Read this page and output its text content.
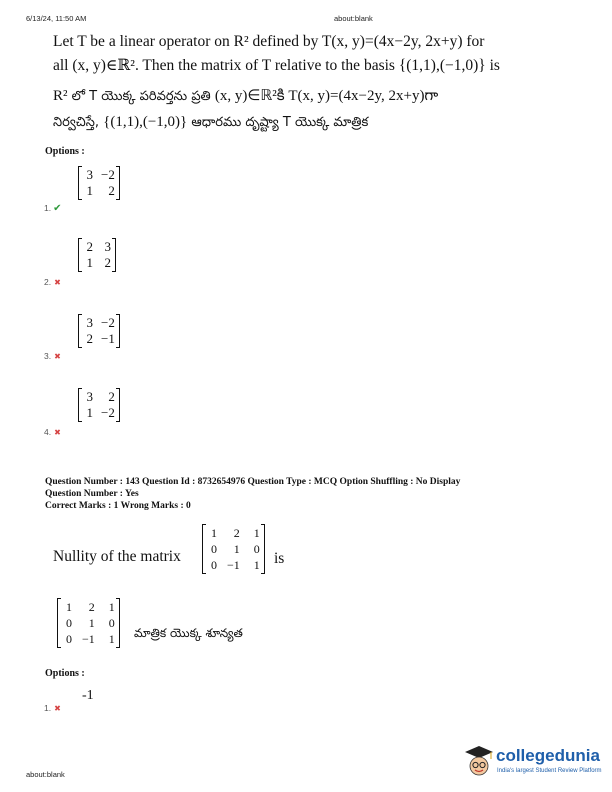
6/13/24, 11:50 AM	about:blank
Let T be a linear operator on R² defined by T(x, y)=(4x−2y, 2x+y) for
all (x, y)∈ℝ². Then the matrix of T relative to the basis {(1,1),(−1,0)} is
R² లో T యొక్క పరివర్తను ప్రతి (x, y)∈ℝ²కి T(x, y)=(4x−2y, 2x+y)గా
నిర్వచిస్తే, {(1,1),(−1,0)} ఆధారము దృష్ట్యా T యొక్క మాత్రిక
Options :
3 −2
1	2
1. ✔
2 3
1 2
2. ✖
3 −2
2 −1
3. ✖
3	2
1 −2
4. ✖
Question Number : 143 Question Id : 8732654976 Question Type : MCQ Option Shuffling : No Display
Question Number : Yes
Correct Marks : 1 Wrong Marks : 0
Nullity of the matrix
1	2	1
0	1	0
0 −1	1 is
1	2	1
0	1	0
0 −1	1 మాత్రిక యొక్క శూన్యత
Options :
-1
1. ✖
about:blank
collegedunia
India's largest Student Review Platform
